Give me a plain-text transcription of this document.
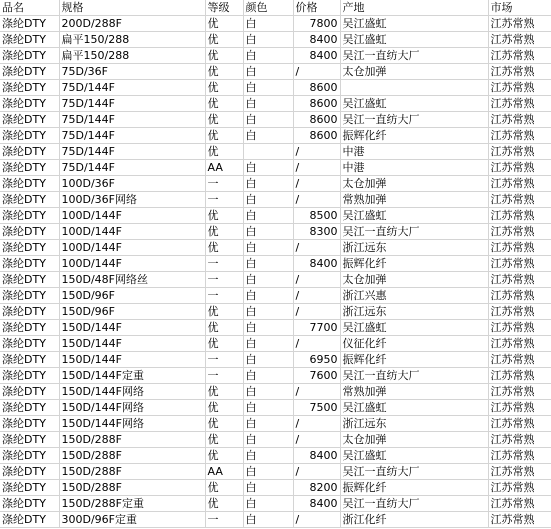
品名	规格	等级	颜色	价格	产地	市场
涤纶DTY	200D/288F	优	白	7800	吴江盛虹	江苏常熟
涤纶DTY	扁平150/288	优	白	8400	吴江盛虹	江苏常熟
涤纶DTY	扁平150/288	优	白	8400	吴江一直纺大厂	江苏常熟
涤纶DTY	75D/36F	优	白	/	太仓加弹	江苏常熟
涤纶DTY	75D/144F	优	白	8600		江苏常熟
涤纶DTY	75D/144F	优	白	8600	吴江盛虹	江苏常熟
涤纶DTY	75D/144F	优	白	8600	吴江一直纺大厂	江苏常熟
涤纶DTY	75D/144F	优	白	8600	振辉化纤	江苏常熟
涤纶DTY	75D/144F	优		/	中港	江苏常熟
涤纶DTY	75D/144F	AA	白	/	中港	江苏常熟
涤纶DTY	100D/36F	一	白	/	太仓加弹	江苏常熟
涤纶DTY	100D/36F网络	一	白	/	常熟加弹	江苏常熟
涤纶DTY	100D/144F	优	白	8500	吴江盛虹	江苏常熟
涤纶DTY	100D/144F	优	白	8300	吴江一直纺大厂	江苏常熟
涤纶DTY	100D/144F	优	白	/	浙江远东	江苏常熟
涤纶DTY	100D/144F	一	白	8400	振辉化纤	江苏常熟
涤纶DTY	150D/48F网络丝	一	白	/	太仓加弹	江苏常熟
涤纶DTY	150D/96F	一	白	/	浙江兴惠	江苏常熟
涤纶DTY	150D/96F	优	白	/	浙江远东	江苏常熟
涤纶DTY	150D/144F	优	白	7700	吴江盛虹	江苏常熟
涤纶DTY	150D/144F	优	白	/	仪征化纤	江苏常熟
涤纶DTY	150D/144F	一	白	6950	振辉化纤	江苏常熟
涤纶DTY	150D/144F定重	一	白	7600	吴江一直纺大厂	江苏常熟
涤纶DTY	150D/144F网络	优	白	/	常熟加弹	江苏常熟
涤纶DTY	150D/144F网络	优	白	7500	吴江盛虹	江苏常熟
涤纶DTY	150D/144F网络	优	白	/	浙江远东	江苏常熟
涤纶DTY	150D/288F	优	白	/	太仓加弹	江苏常熟
涤纶DTY	150D/288F	优	白	8400	吴江盛虹	江苏常熟
涤纶DTY	150D/288F	AA	白	/	吴江一直纺大厂	江苏常熟
涤纶DTY	150D/288F	优	白	8200	振辉化纤	江苏常熟
涤纶DTY	150D/288F定重	优	白	8400	吴江一直纺大厂	江苏常熟
涤纶DTY	300D/96F定重	一	白	/	浙江化纤	江苏常熟
